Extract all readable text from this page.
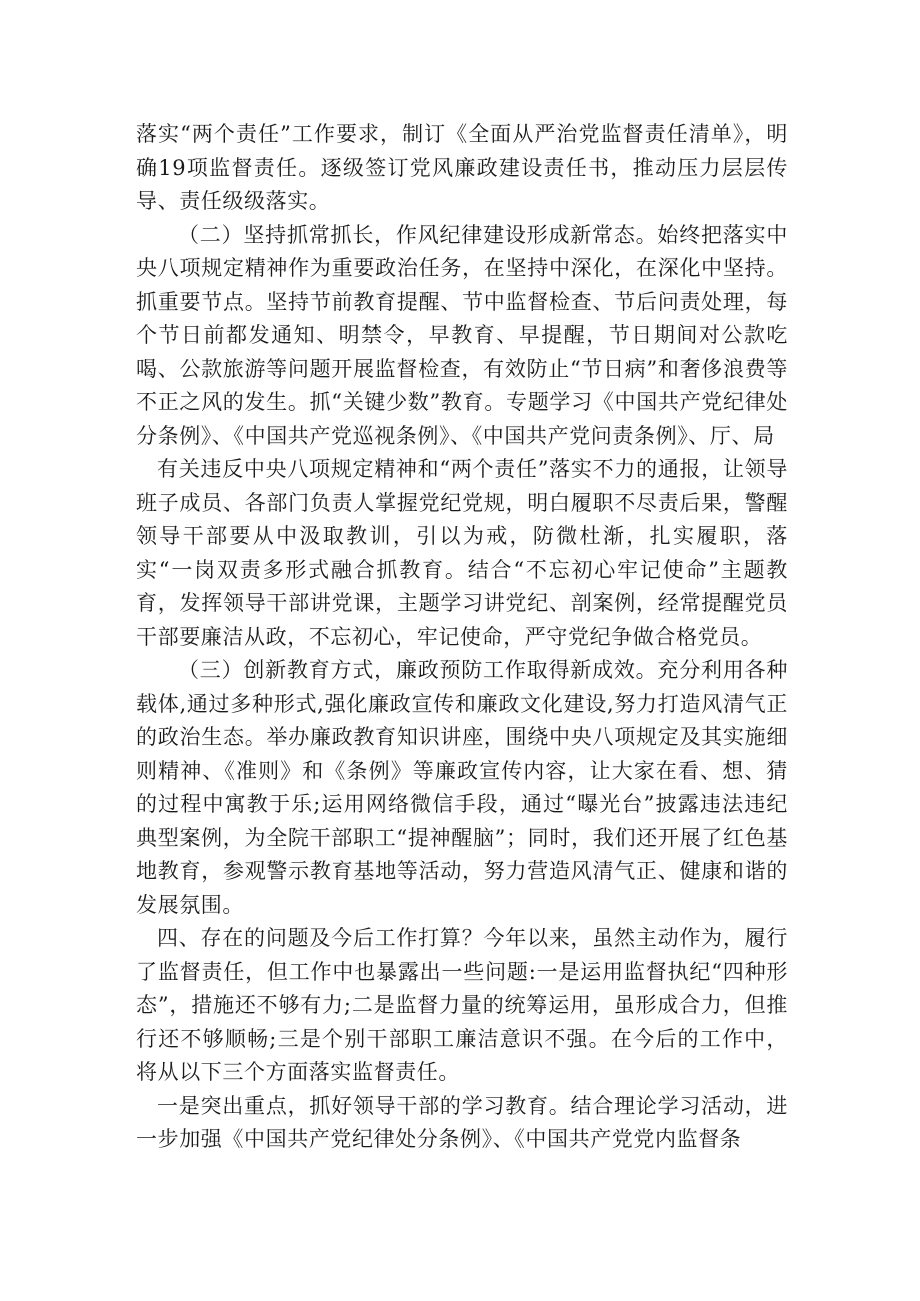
落实“两个责任”工作要求，制订《全面从严治党监督责任清单》，明确19项监督责任。逐级签订党风廉政建设责任书，推动压力层层传导、责任级级落实。

（二）坚持抓常抓长，作风纪律建设形成新常态。始终把落实中央八项规定精神作为重要政治任务，在坚持中深化，在深化中坚持。抓重要节点。坚持节前教育提醒、节中监督检查、节后问责处理，每个节日前都发通知、明禁令，早教育、早提醒，节日期间对公款吃喝、公款旅游等问题开展监督检查，有效防止“节日病”和奢侈浪费等不正之风的发生。抓“关键少数”教育。专题学习《中国共产党纪律处分条例》、《中国共产党巡视条例》、《中国共产党问责条例》、厅、局

有关违反中央八项规定精神和“两个责任”落实不力的通报，让领导班子成员、各部门负责人掌握党纪党规，明白履职不尽责后果，警醒领导干部要从中汲取教训，引以为戒，防微杜渐，扎实履职，落实“一岗双责多形式融合抓教育。结合“不忘初心牢记使命”主题教育，发挥领导干部讲党课，主题学习讲党纪、剖案例，经常提醒党员干部要廉洁从政，不忘初心，牢记使命，严守党纪争做合格党员。

（三）创新教育方式，廉政预防工作取得新成效。充分利用各种载体,通过多种形式,强化廉政宣传和廉政文化建设,努力打造风清气正的政治生态。举办廉政教育知识讲座，围绕中央八项规定及其实施细则精神、《准则》和《条例》等廉政宣传内容，让大家在看、想、猜的过程中寓教于乐;运用网络微信手段，通过“曝光台”披露违法违纪典型案例，为全院干部职工“提神醒脑”；同时，我们还开展了红色基地教育，参观警示教育基地等活动，努力营造风清气正、健康和谐的发展氛围。

四、存在的问题及今后工作打算？今年以来，虽然主动作为，履行了监督责任，但工作中也暴露出一些问题:一是运用监督执纪“四种形态”，措施还不够有力;二是监督力量的统筹运用，虽形成合力，但推行还不够顺畅;三是个别干部职工廉洁意识不强。在今后的工作中，将从以下三个方面落实监督责任。

一是突出重点，抓好领导干部的学习教育。结合理论学习活动，进一步加强《中国共产党纪律处分条例》、《中国共产党党内监督条
